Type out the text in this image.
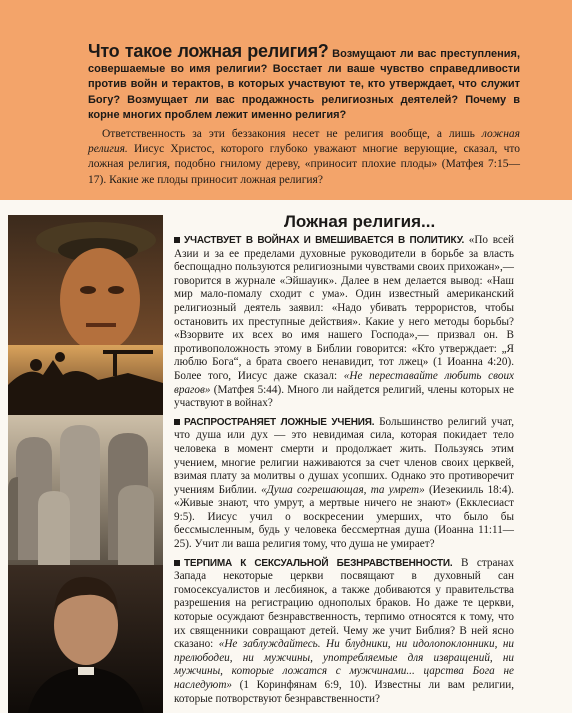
Что такое ложная религия? Возмущают ли вас преступления, совершаемые во имя религии? Восстает ли ваше чувство справедливости против войн и терактов, в которых участвуют те, кто утверждает, что служит Богу? Возмущает ли вас продажность религиозных деятелей? Почему в корне многих проблем лежит именно религия?

Ответственность за эти беззакония несет не религия вообще, а лишь ложная религия. Иисус Христос, которого глубоко уважают многие верующие, сказал, что ложная религия, подобно гнилому дереву, «приносит плохие плоды» (Матфея 7:15—17). Какие же плоды приносит ложная религия?

Ложная религия...

УЧАСТВУЕТ В ВОЙНАХ И ВМЕШИВАЕТСЯ В ПОЛИТИКУ. «По всей Азии и за ее пределами духовные руководители в борьбе за власть беспощадно пользуются религиозными чувствами своих прихожан»,— говорится в журнале «Эйшауик». Далее в нем делается вывод: «Наш мир мало-помалу сходит с ума». Один известный американский религиозный деятель заявил: «Надо убивать террористов, чтобы остановить их преступные действия». Какие у него методы борьбы? «Взорвите их всех во имя нашего Господа»,— призвал он. В противоположность этому в Библии говорится: «Кто утверждает: „Я люблю Бога“, а брата своего ненавидит, тот лжец» (1 Иоанна 4:20). Более того, Иисус даже сказал: «Не переставайте любить своих врагов» (Матфея 5:44). Много ли найдется религий, члены которых не участвуют в войнах?

РАСПРОСТРАНЯЕТ ЛОЖНЫЕ УЧЕНИЯ. Большинство религий учат, что душа или дух — это невидимая сила, которая покидает тело человека в момент смерти и продолжает жить. Пользуясь этим учением, многие религии наживаются за счет членов своих церквей, взимая плату за молитвы о душах усопших. Однако это противоречит учениям Библии. «Душа согрешающая, та умрет» (Иезекииль 18:4). «Живые знают, что умрут, а мертвые ничего не знают» (Екклесиаст 9:5). Иисус учил о воскресении умерших, что было бы бессмысленным, будь у человека бессмертная душа (Иоанна 11:11—25). Учит ли ваша религия тому, что душа не умирает?

ТЕРПИМА К СЕКСУАЛЬНОЙ БЕЗНРАВСТВЕННОСТИ. В странах Запада некоторые церкви посвящают в духовный сан гомосексуалистов и лесбиянок, а также добиваются у правительства разрешения на регистрацию однополых браков. Но даже те церкви, которые осуждают безнравственность, терпимо относятся к тому, что их священники совращают детей. Чему же учит Библия? В ней ясно сказано: «Не заблуждайтесь. Ни блудники, ни идолопоклонники, ни прелюбодеи, ни мужчины, употребляемые для извращений, ни мужчины, которые ложатся с мужчинами... царства Бога не наследуют» (1 Коринфянам 6:9, 10). Известны ли вам религии, которые потворствуют безнравственности?
